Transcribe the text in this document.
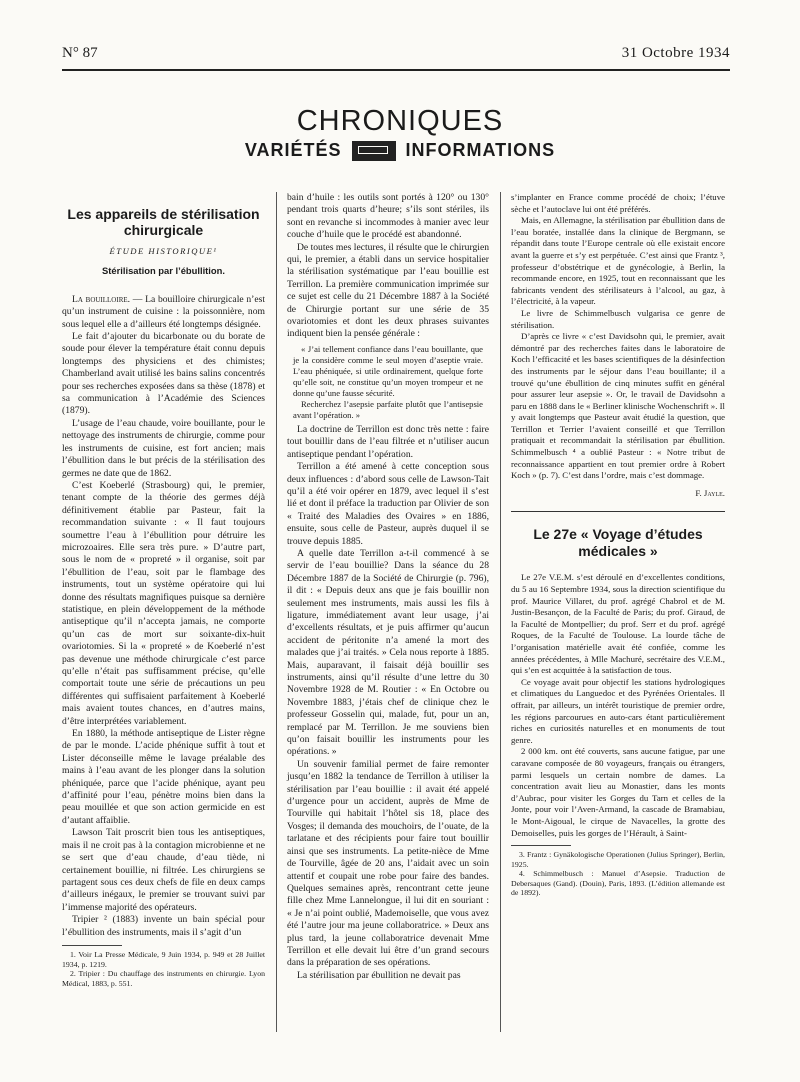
N° 87	31 Octobre 1934
CHRONIQUES
VARIÉTÉS	INFORMATIONS
Les appareils de stérilisation chirurgicale
ÉTUDE HISTORIQUE¹
Stérilisation par l’ébullition.

La bouilloire. — La bouilloire chirurgicale n’est qu’un instrument de cuisine : la poissonnière, nom sous lequel elle a d’ailleurs été longtemps désignée.

Le fait d’ajouter du bicarbonate ou du borate de soude pour élever la température était connu depuis longtemps des physiciens et des chimistes; Chamberland avait utilisé les bains salins concentrés pour ses recherches exposées dans sa thèse (1878) et sa communication à l’Académie des Sciences (1879).

L’usage de l’eau chaude, voire bouillante, pour le nettoyage des instruments de chirurgie, comme pour les instruments de cuisine, est fort ancien; mais l’ébullition dans le but précis de la stérilisation des germes ne date que de 1862.

C’est Koeberlé (Strasbourg) qui, le premier, tenant compte de la théorie des germes déjà définitivement établie par Pasteur, fait la recommandation suivante : « Il faut toujours soumettre l’eau à l’ébullition pour détruire les microzoaires. Elle sera très pure. » D’autre part, sous le nom de « propreté » il organise, soit par l’ébullition de l’eau, soit par le flambage des instruments, tout un système opératoire qui lui donne des résultats magnifiques puisque sa dernière statistique, en plein développement de la méthode antiseptique qu’il n’accepta jamais, ne comporte qu’un cas de mort sur soixante-dix-huit ovariotomies. Si la « propreté » de Koeberlé n’est pas devenue une méthode chirurgicale c’est parce qu’elle n’était pas suffisamment précise, qu’elle comportait toute une série de précautions un peu différentes qui suffisaient parfaitement à Koeberlé mais avaient toutes chances, en d’autres mains, d’être interprétées variablement.

En 1880, la méthode antiseptique de Lister règne de par le monde. L’acide phénique suffit à tout et Lister déconseille même le lavage préalable des mains à l’eau avant de les plonger dans la solution phéniquée, parce que l’acide phénique, ayant peu d’affinité pour l’eau, pénètre moins bien dans la peau mouillée et que son action germicide en est d’autant affaiblie.

Lawson Tait proscrit bien tous les antiseptiques, mais il ne croit pas à la contagion microbienne et ne se sert que d’eau chaude, d’eau tiède, ni certainement bouillie, ni filtrée. Les chirurgiens se partagent sous ces deux chefs de file en deux camps d’ailleurs inégaux, le premier se trouvant suivi par l’immense majorité des opérateurs.

Tripier ² (1883) invente un bain spécial pour l’ébullition des instruments, mais il s’agit d’un

1. Voir La Presse Médicale, 9 Juin 1934, p. 949 et 28 Juillet 1934, p. 1219.

2. Tripier : Du chauffage des instruments en chirurgie. Lyon Médical, 1883, p. 551.

bain d’huile : les outils sont portés à 120° ou 130° pendant trois quarts d’heure; s’ils sont stériles, ils sont en revanche si incommodes à manier avec leur couche d’huile que le procédé est abandonné.

De toutes mes lectures, il résulte que le chirurgien qui, le premier, a établi dans un service hospitalier la stérilisation systématique par l’eau bouillie est Terrillon. La première communication imprimée sur ce sujet est celle du 21 Décembre 1887 à la Société de Chirurgie portant sur une série de 35 ovariotomies et dont les deux phrases suivantes indiquent bien la pensée générale :

« J’ai tellement confiance dans l’eau bouillante, que je la considère comme le seul moyen d’aseptie vraie. L’eau phéniquée, si utile ordinairement, quelque forte qu’elle soit, ne constitue qu’un moyen trompeur et ne donne qu’une fausse sécurité.

Recherchez l’asepsie parfaite plutôt que l’antisepsie avant l’opération. »

La doctrine de Terrillon est donc très nette : faire tout bouillir dans de l’eau filtrée et n’utiliser aucun antiseptique pendant l’opération.

Terrillon a été amené à cette conception sous deux influences : d’abord sous celle de Lawson-Tait qu’il a été voir opérer en 1879, avec lequel il s’est lié et dont il préface la traduction par Olivier de son « Traité des Maladies des Ovaires » en 1886, ensuite, sous celle de Pasteur, auprès duquel il se trouve depuis 1885.

A quelle date Terrillon a-t-il commencé à se servir de l’eau bouillie? Dans la séance du 28 Décembre 1887 de la Société de Chirurgie (p. 796), il dit : « Depuis deux ans que je fais bouillir non seulement mes instruments, mais aussi les fils à ligature, immédiatement avant leur usage, j’ai d’excellents résultats, et je puis affirmer qu’aucun accident de péritonite n’a amené la mort des malades que j’ai traités. » Cela nous reporte à 1885. Mais, auparavant, il faisait déjà bouillir ses instruments, ainsi qu’il résulte d’une lettre du 30 Novembre 1928 de M. Routier : « En Octobre ou Novembre 1883, j’étais chef de clinique chez le professeur Gosselin qui, malade, fut, pour un an, remplacé par M. Terrillon. Je me souviens bien qu’on faisait bouillir les instruments pour les opérations. »

Un souvenir familial permet de faire remonter jusqu’en 1882 la tendance de Terrillon à utiliser la stérilisation par l’eau bouillie : il avait été appelé d’urgence pour un accident, auprès de Mme de Tourville qui habitait l’hôtel sis 18, place des Vosges; il demanda des mouchoirs, de l’ouate, de la tarlatane et des récipients pour faire tout bouillir ainsi que ses instruments. La petite-nièce de Mme de Tourville, âgée de 20 ans, l’aidait avec un soin attentif et coupait une robe pour faire des bandes. Quelques semaines après, rencontrant cette jeune fille chez Mme Lannelongue, il lui dit en souriant : « Je n’ai point oublié, Mademoiselle, que vous avez été l’autre jour ma jeune collaboratrice. » Deux ans plus tard, la jeune collaboratrice devenait Mme Terrillon et elle devait lui être d’un grand secours dans la préparation de ses opérations.

La stérilisation par ébullition ne devait pas

s’implanter en France comme procédé de choix; l’étuve sèche et l’autoclave lui ont été préférés.

Mais, en Allemagne, la stérilisation par ébullition dans de l’eau boratée, installée dans la clinique de Bergmann, se répandit dans toute l’Europe centrale où elle existait encore avant la guerre et s’y est perpétuée. C’est ainsi que Frantz ³, professeur d’obstétrique et de gynécologie, à Berlin, la recommande encore, en 1925, tout en reconnaissant que les fabricants vendent des stérilisateurs à l’alcool, au gaz, à l’électricité, à la vapeur.

Le livre de Schimmelbusch vulgarisa ce genre de stérilisation.

D’après ce livre « c’est Davidsohn qui, le premier, avait démontré par des recherches faites dans le laboratoire de Koch l’efficacité et les bases scientifiques de la désinfection des instruments par le séjour dans l’eau bouillante; il a trouvé qu’une ébullition de cinq minutes suffit en général pour assurer leur asepsie ». Or, le travail de Davidsohn a paru en 1888 dans le « Berliner klinische Wochenschrift ». Il y avait longtemps que Pasteur avait étudié la question, que Terrillon et Terrier l’avaient conseillé et que Terrillon pratiquait et recommandait la stérilisation par ébullition. Schimmelbusch ⁴ a oublié Pasteur : « Notre tribut de reconnaissance appartient en tout premier ordre à Robert Koch » (p. 7). C’est dans l’ordre, mais c’est dommage.

F. Jayle.
Le 27e « Voyage d’études médicales »

Le 27e V.E.M. s’est déroulé en d’excellentes conditions, du 5 au 16 Septembre 1934, sous la direction scientifique du prof. Maurice Villaret, du prof. agrégé Chabrol et de M. Justin-Besançon, de la Faculté de Paris; du prof. Giraud, de la Faculté de Montpellier; du prof. Serr et du prof. agrégé Roques, de la Faculté de Toulouse. La lourde tâche de l’organisation matérielle avait été confiée, comme les années précédentes, à Mlle Machuré, secrétaire des V.E.M., qui s’en est acquittée à la satisfaction de tous.

Ce voyage avait pour objectif les stations hydrologiques et climatiques du Languedoc et des Pyrénées Orientales. Il offrait, par ailleurs, un intérêt touristique de premier ordre, les régions parcourues en auto-cars étant particulièrement riches en curiosités naturelles et en monuments de tout genre.

2 000 km. ont été couverts, sans aucune fatigue, par une caravane composée de 80 voyageurs, français ou étrangers, parmi lesquels un certain nombre de dames. La concentration avait lieu au Monastier, dans les monts d’Aubrac, pour visiter les Gorges du Tarn et celles de la Jonte, pour voir l’Aven-Armand, la cascade de Bramabiau, le Mont-Aigoual, le cirque de Navacelles, la grotte des Demoiselles, puis les gorges de l’Hérault, à Saint-

3. Frantz : Gynäkologische Operationen (Julius Springer), Berlin, 1925.

4. Schimmelbusch : Manuel d’Asepsie. Traduction de Debersaques (Gand). (Douin), Paris, 1893. (L’édition allemande est de 1892).
